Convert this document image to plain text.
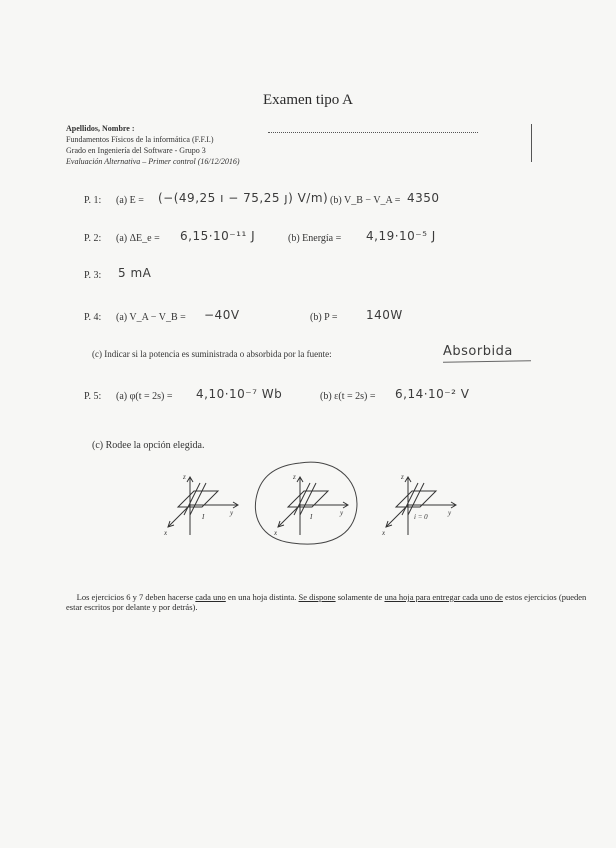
Examen tipo A
Apellidos, Nombre :
Fundamentos Físicos de la informática (F.F.I.)
Grado en Ingeniería del Software - Grupo 3
Evaluación Alternativa – Primer control (16/12/2016)
P. 1: (a) E = (−(49,25 ı − 75,25 ȷ) V/m) (b) V_B − V_A = 4350
P. 2: (a) ΔE_e = 6,15·10⁻¹¹ J	(b) Energía = 4,19·10⁻⁵ J
P. 3: 5 mA
P. 4: (a) V_A − V_B = −40V	(b) P = 140W
(c) Indicar si la potencia es suministrada o absorbida por la fuente:	Absorbida
P. 5: (a) φ(t = 2s) = 4,10·10⁻⁷ Wb	(b) ε(t = 2s) = 6,14·10⁻² V
(c) Rodee la opción elegida.
z
y
x
I
z
y
x
I
z
y
x
i = 0
Los ejercicios 6 y 7 deben hacerse cada uno en una hoja distinta. Se dispone solamente de una hoja para entregar cada uno de estos ejercicios (pueden estar escritos por delante y por detrás).
